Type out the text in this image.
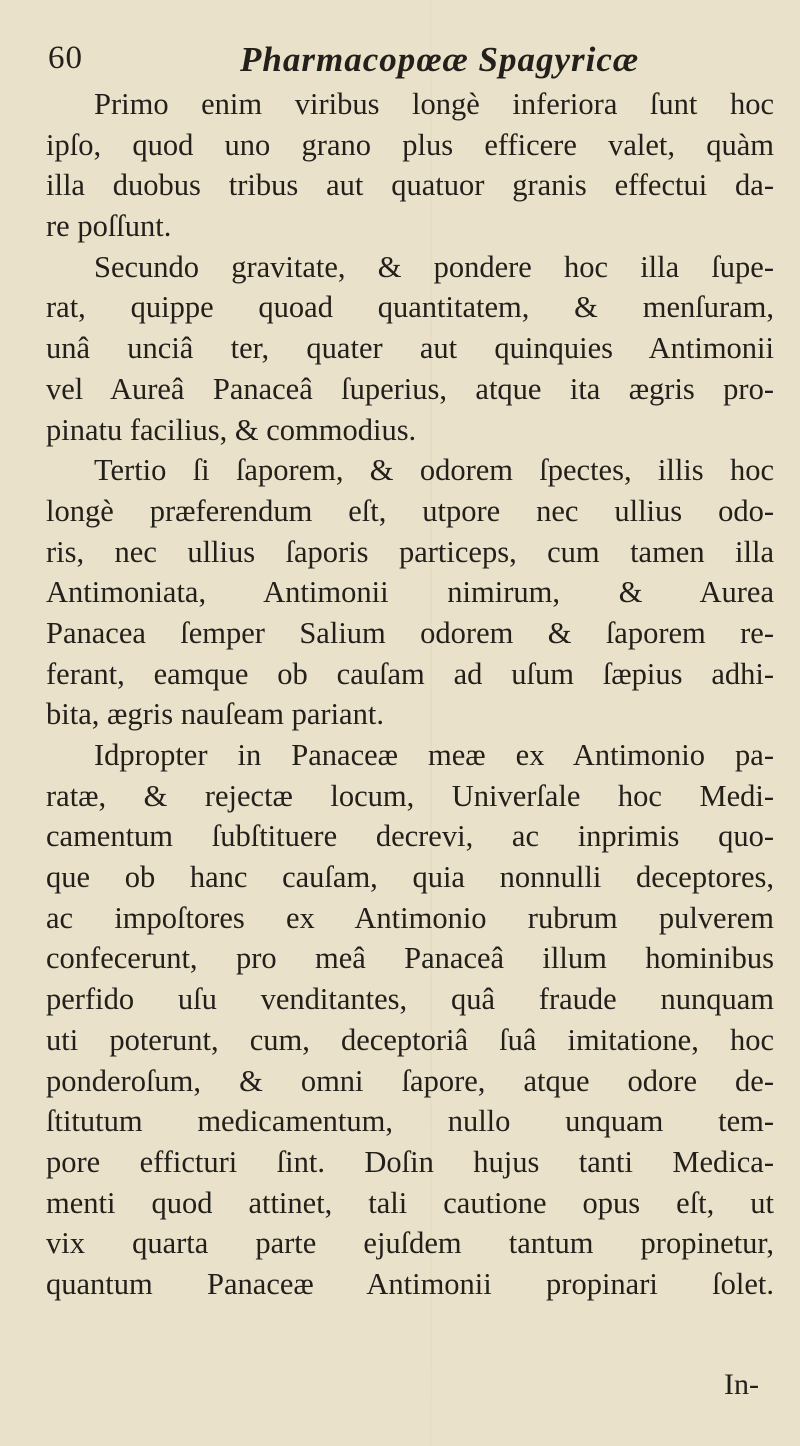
60	Pharmacopœæ Spagyricæ
Primo enim viribus longè inferiora ſunt hoc
ipſo, quod uno grano plus efficere valet, quàm
illa duobus tribus aut quatuor granis effectui da-
re poſſunt.
Secundo gravitate, & pondere hoc illa ſupe-
rat, quippe quoad quantitatem, & menſuram,
unâ unciâ ter, quater aut quinquies Antimonii
vel Aureâ Panaceâ ſuperius, atque ita ægris pro-
pinatu facilius, & commodius.
Tertio ſi ſaporem, & odorem ſpectes, illis hoc
longè præferendum eſt, utpore nec ullius odo-
ris, nec ullius ſaporis particeps, cum tamen illa
Antimoniata, Antimonii nimirum, & Aurea
Panacea ſemper Salium odorem & ſaporem re-
ferant, eamque ob cauſam ad uſum ſæpius adhi-
bita, ægris nauſeam pariant.
Idpropter in Panaceæ meæ ex Antimonio pa-
ratæ, & rejectæ locum, Univerſale hoc Medi-
camentum ſubſtituere decrevi, ac inprimis quo-
que ob hanc cauſam, quia nonnulli deceptores,
ac impoſtores ex Antimonio rubrum pulverem
confecerunt, pro meâ Panaceâ illum hominibus
perfido uſu venditantes, quâ fraude nunquam
uti poterunt, cum, deceptoriâ ſuâ imitatione, hoc
ponderoſum, & omni ſapore, atque odore de-
ſtitutum medicamentum, nullo unquam tem-
pore efficturi ſint. Doſin hujus tanti Medica-
menti quod attinet, tali cautione opus eſt, ut
vix quarta parte ejuſdem tantum propinetur,
quantum Panaceæ Antimonii propinari ſolet.
In-
